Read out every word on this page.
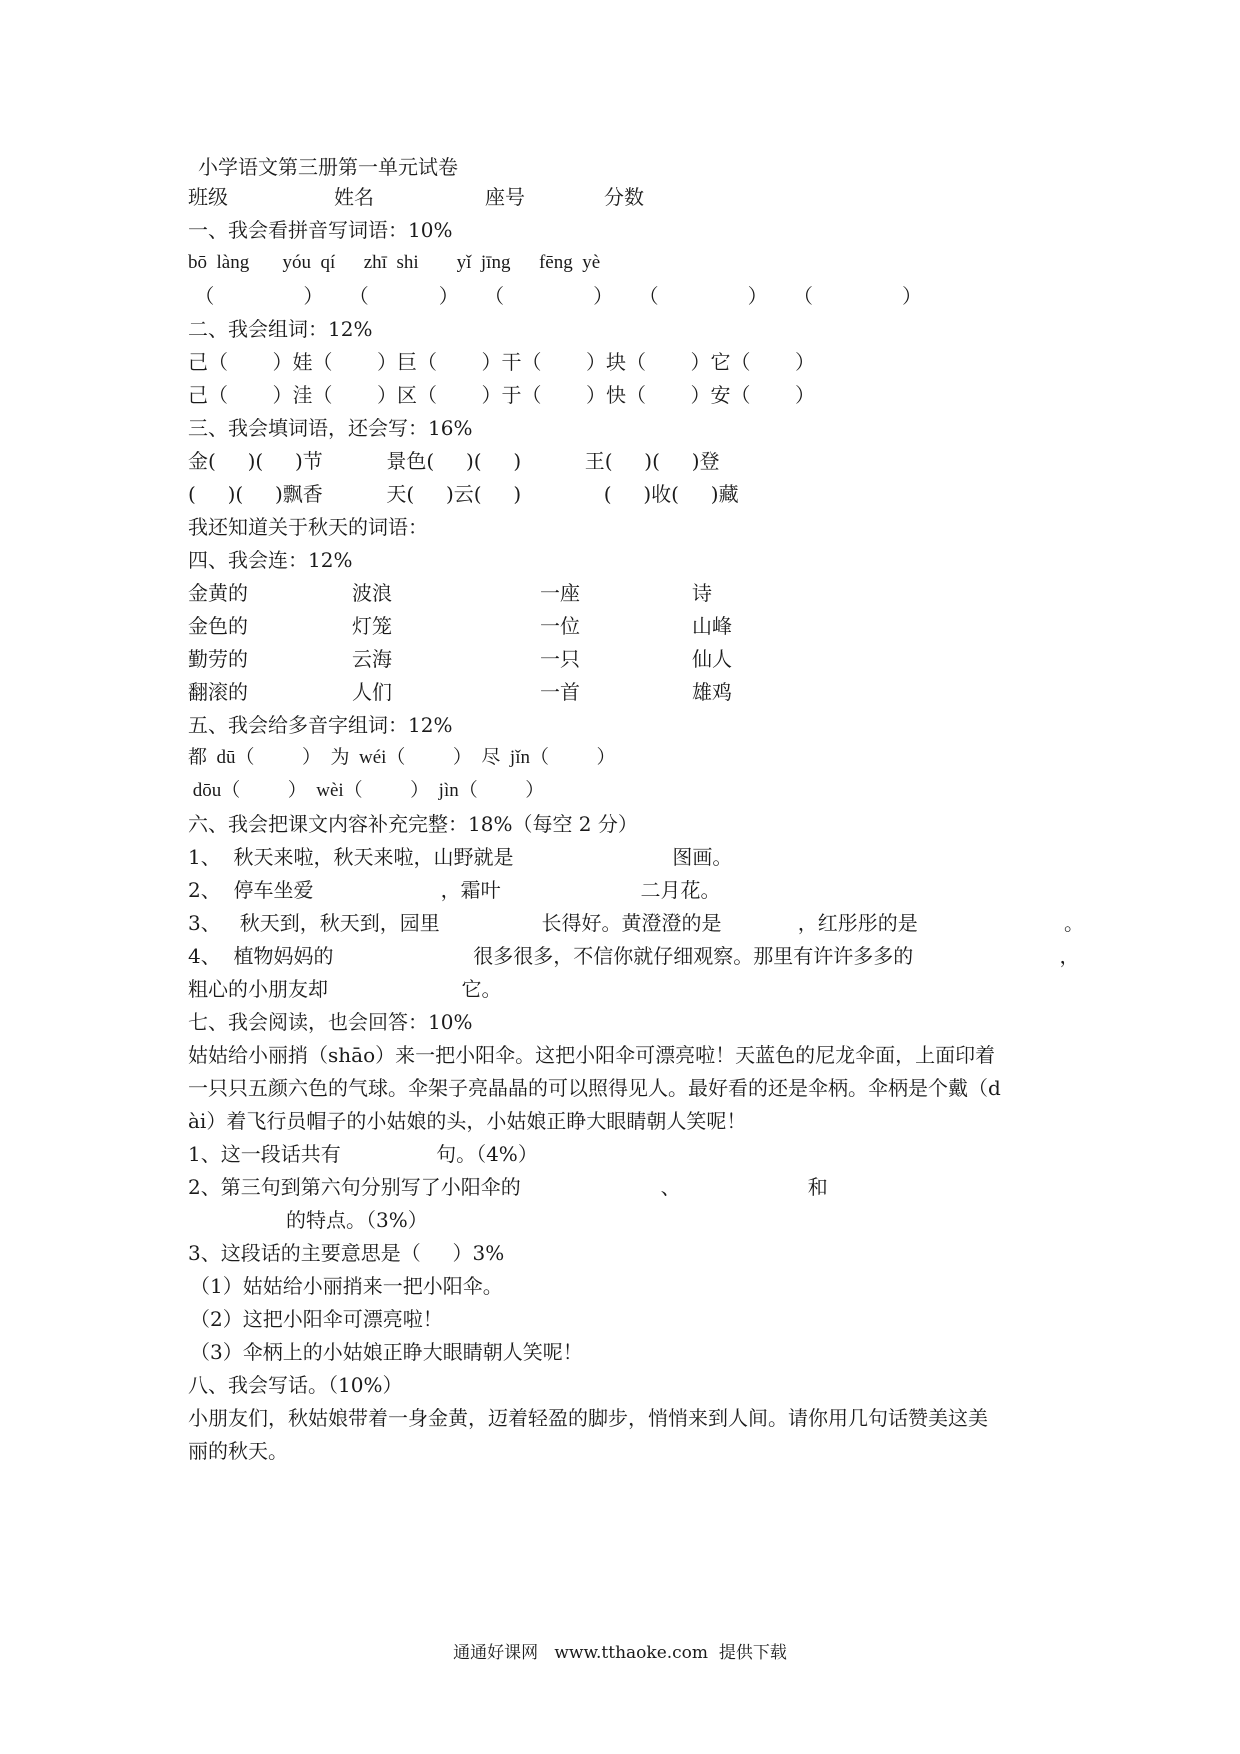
小学语文第三册第一单元试卷
班级	姓名	座号	分数
一、我会看拼音写词语：10%
bō  làng       yóu  qí      zhī  shi        yǐ  jīng      fēng  yè
（              ）    （           ）    （              ）    （              ）    （              ）
二、我会组词：12%
己（       ）娃（       ）巨（       ）干（       ）块（       ）它（       ）
己（       ）洼（       ）区（       ）于（       ）快（       ）安（       ）
三、我会填词语，还会写：16%
金(     )(     )节          景色(     )(     )          王(     )(     )登
(     )(     )飘香          天(     )云(     )             (     )收(     )藏
我还知道关于秋天的词语：
四、我会连：12%
金黄的	波浪	一座	诗
金色的	灯笼	一位	山峰
勤劳的	云海	一只	仙人
翻滚的	人们	一首	雄鸡
五、我会给多音字组词：12%
都  dū（          ）  为  wéi（          ）  尽  jǐn（          ）
dōu（          ）  wèi（          ）  jìn（          ）
六、我会把课文内容补充完整：18%（每空 2 分）
1、  秋天来啦，秋天来啦，山野就是                         图画。
2、  停车坐爱                    ，霜叶                      二月花。
3、   秋天到，秋天到，园里                长得好。黄澄澄的是            ，红彤彤的是                       。
4、  植物妈妈的                      很多很多，不信你就仔细观察。那里有许许多多的                       ，
粗心的小朋友却                     它。
七、我会阅读，也会回答：10%
姑姑给小丽捎（shāo）来一把小阳伞。这把小阳伞可漂亮啦！天蓝色的尼龙伞面，上面印着
一只只五颜六色的气球。伞架子亮晶晶的可以照得见人。最好看的还是伞柄。伞柄是个戴（d
ài）着飞行员帽子的小姑娘的头，小姑娘正睁大眼睛朝人笑呢！
1、这一段话共有               句。（4%）
2、第三句到第六句分别写了小阳伞的                      、                    和
的特点。（3%）
3、这段话的主要意思是（     ）3%
（1）姑姑给小丽捎来一把小阳伞。
（2）这把小阳伞可漂亮啦！
（3）伞柄上的小姑娘正睁大眼睛朝人笑呢！
八、我会写话。（10%）
小朋友们，秋姑娘带着一身金黄，迈着轻盈的脚步，悄悄来到人间。请你用几句话赞美这美
丽的秋天。
通通好课网   www.tthaoke.com  提供下载
